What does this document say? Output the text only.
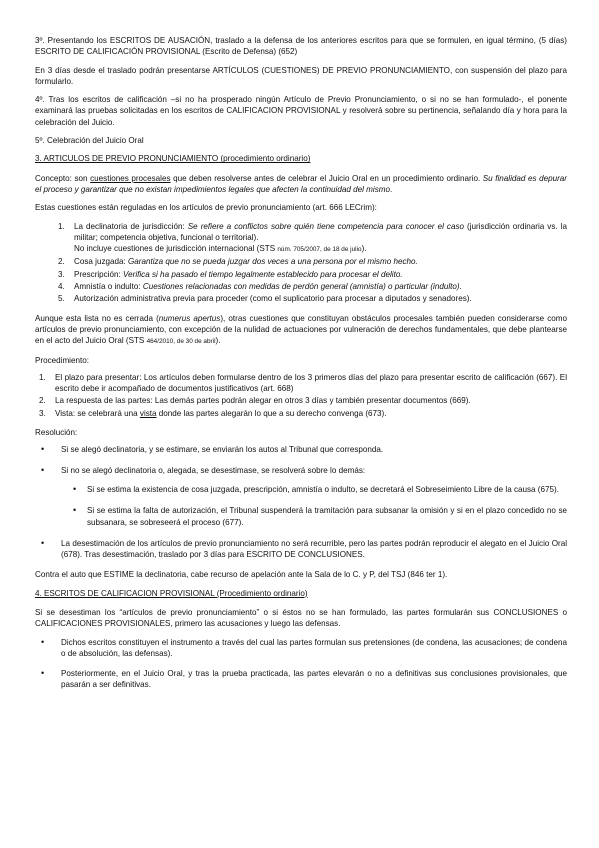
3º. Presentando los ESCRITOS DE AUSACIÓN, traslado a la defensa de los anteriores escritos para que se formulen, en igual término, (5 días) ESCRITO DE CALIFICACIÓN PROVISIONAL (Escrito de Defensa) (652)

En 3 días desde el traslado podrán presentarse ARTÍCULOS (CUESTIONES) DE PREVIO PRONUNCIAMIENTO, con suspensión del plazo para formularlo.

4º. Tras los escritos de calificación –si no ha prosperado ningún Artículo de Previo Pronunciamiento, o si no se han formulado-, el ponente examinará las pruebas solicitadas en los escritos de CALIFICACION PROVISIONAL y resolverá sobre su pertinencia, señalando día y hora para la celebración del Juicio.

5º. Celebración del Juicio Oral

3. ARTICULOS DE PREVIO PRONUNCIAMIENTO (procedimiento ordinario)

Concepto: son cuestiones procesales que deben resolverse antes de celebrar el Juicio Oral en un procedimiento ordinario. Su finalidad es depurar el proceso y garantizar que no existan impedimientos legales que afecten la continuidad del mismo.

Estas cuestiones están reguladas en los artículos de previo pronunciamiento (art. 666 LECrim):

1. La declinatoria de jurisdicción: Se refiere a conflictos sobre quién tiene competencia para conocer el caso (jurisdicción ordinaria vs. la militar; competencia objetiva, funcional o territorial).
No incluye cuestiones de jurisdicción internacional (STS núm. 705/2007, de 18 de julio).
2. Cosa juzgada: Garantiza que no se pueda juzgar dos veces a una persona por el mismo hecho.
3. Prescripción: Verifica si ha pasado el tiempo legalmente establecido para procesar el delito.
4. Amnistía o indulto: Cuestiones relacionadas con medidas de perdón general (amnistía) o particular (indulto).
5. Autorización administrativa previa para proceder (como el suplicatorio para procesar a diputados y senadores).

Aunque esta lista no es cerrada (numerus apertus), otras cuestiones que constituyan obstáculos procesales también pueden considerarse como artículos de previo pronunciamiento, con excepción de la nulidad de actuaciones por vulneración de derechos fundamentales, que debe plantearse en el acto del Juicio Oral (STS 464/2010, de 30 de abril).

Procedimiento:

1. El plazo para presentar: Los artículos deben formularse dentro de los 3 primeros días del plazo para presentar escrito de calificación (667). El escrito debe ir acompañado de documentos justificativos (art. 668)
2. La respuesta de las partes: Las demás partes podrán alegar en otros 3 días y también presentar documentos (669).
3. Vista: se celebrará una vista donde las partes alegarán lo que a su derecho convenga (673).

Resolución:

• Si se alegó declinatoria, y se estimare, se enviarán los autos al Tribunal que corresponda.
• Si no se alegó declinatoria o, alegada, se desestimase, se resolverá sobre lo demás:
• Si se estima la existencia de cosa juzgada, prescripción, amnistía o indulto, se decretará el Sobreseimiento Libre de la causa (675).
• Si se estima la falta de autorización, el Tribunal suspenderá la tramitación para subsanar la omisión y si en el plazo concedido no se subsanara, se sobreseerá el proceso (677).
• La desestimación de los artículos de previo pronunciamiento no será recurrible, pero las partes podrán reproducir el alegato en el Juicio Oral (678). Tras desestimación, traslado por 3 días para ESCRITO DE CONCLUSIONES.

Contra el auto que ESTIME la declinatoria, cabe recurso de apelación ante la Sala de lo C. y P, del TSJ (846 ter 1).

4. ESCRITOS DE CALIFICACION PROVISIONAL (Procedimiento ordinario)

Si se desestiman los “artículos de previo pronunciamiento” o si éstos no se han formulado, las partes formularán sus CONCLUSIONES o CALIFICACIONES PROVISIONALES, primero las acusaciones y luego las defensas.

• Dichos escritos constituyen el instrumento a través del cual las partes formulan sus pretensiones (de condena, las acusaciones; de condena o de absolución, las defensas).
• Posteriormente, en el Juicio Oral, y tras la prueba practicada, las partes elevarán o no a definitivas sus conclusiones provisionales, que pasarán a ser definitivas.
